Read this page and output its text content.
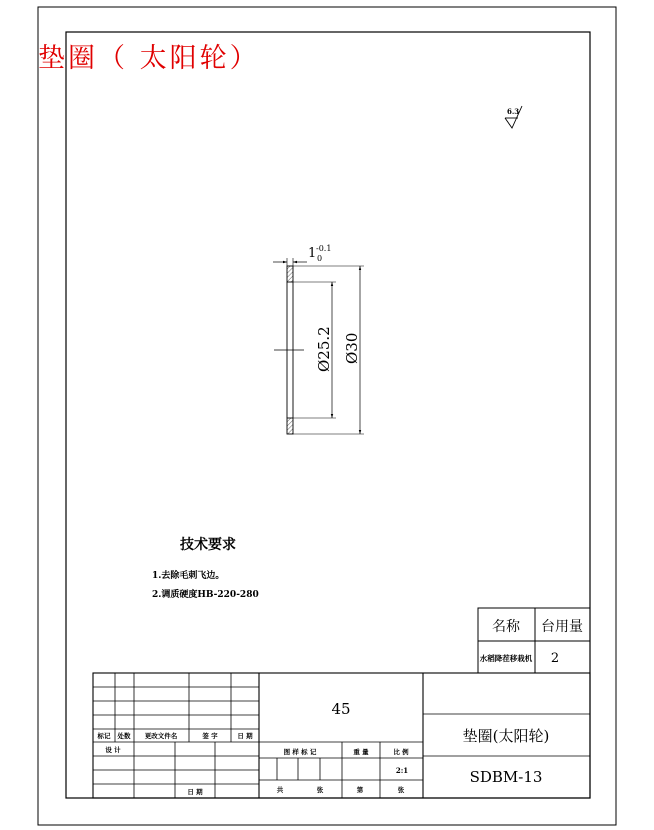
垫圈（ 太阳轮）
6.3
1 -0.1
0
Ø25.2 Ø30
技术要求
1.去除毛刺飞边。
2.调质硬度HB-220-280
名称 台用量
水稻降茬移栽机 2
标记 处数 更改文件名	签 字	日 期
设 计
日 期
45
图 样 标 记	重 量	比 例
2:1
共	张	第	张
垫圈(太阳轮)
SDBM-13
